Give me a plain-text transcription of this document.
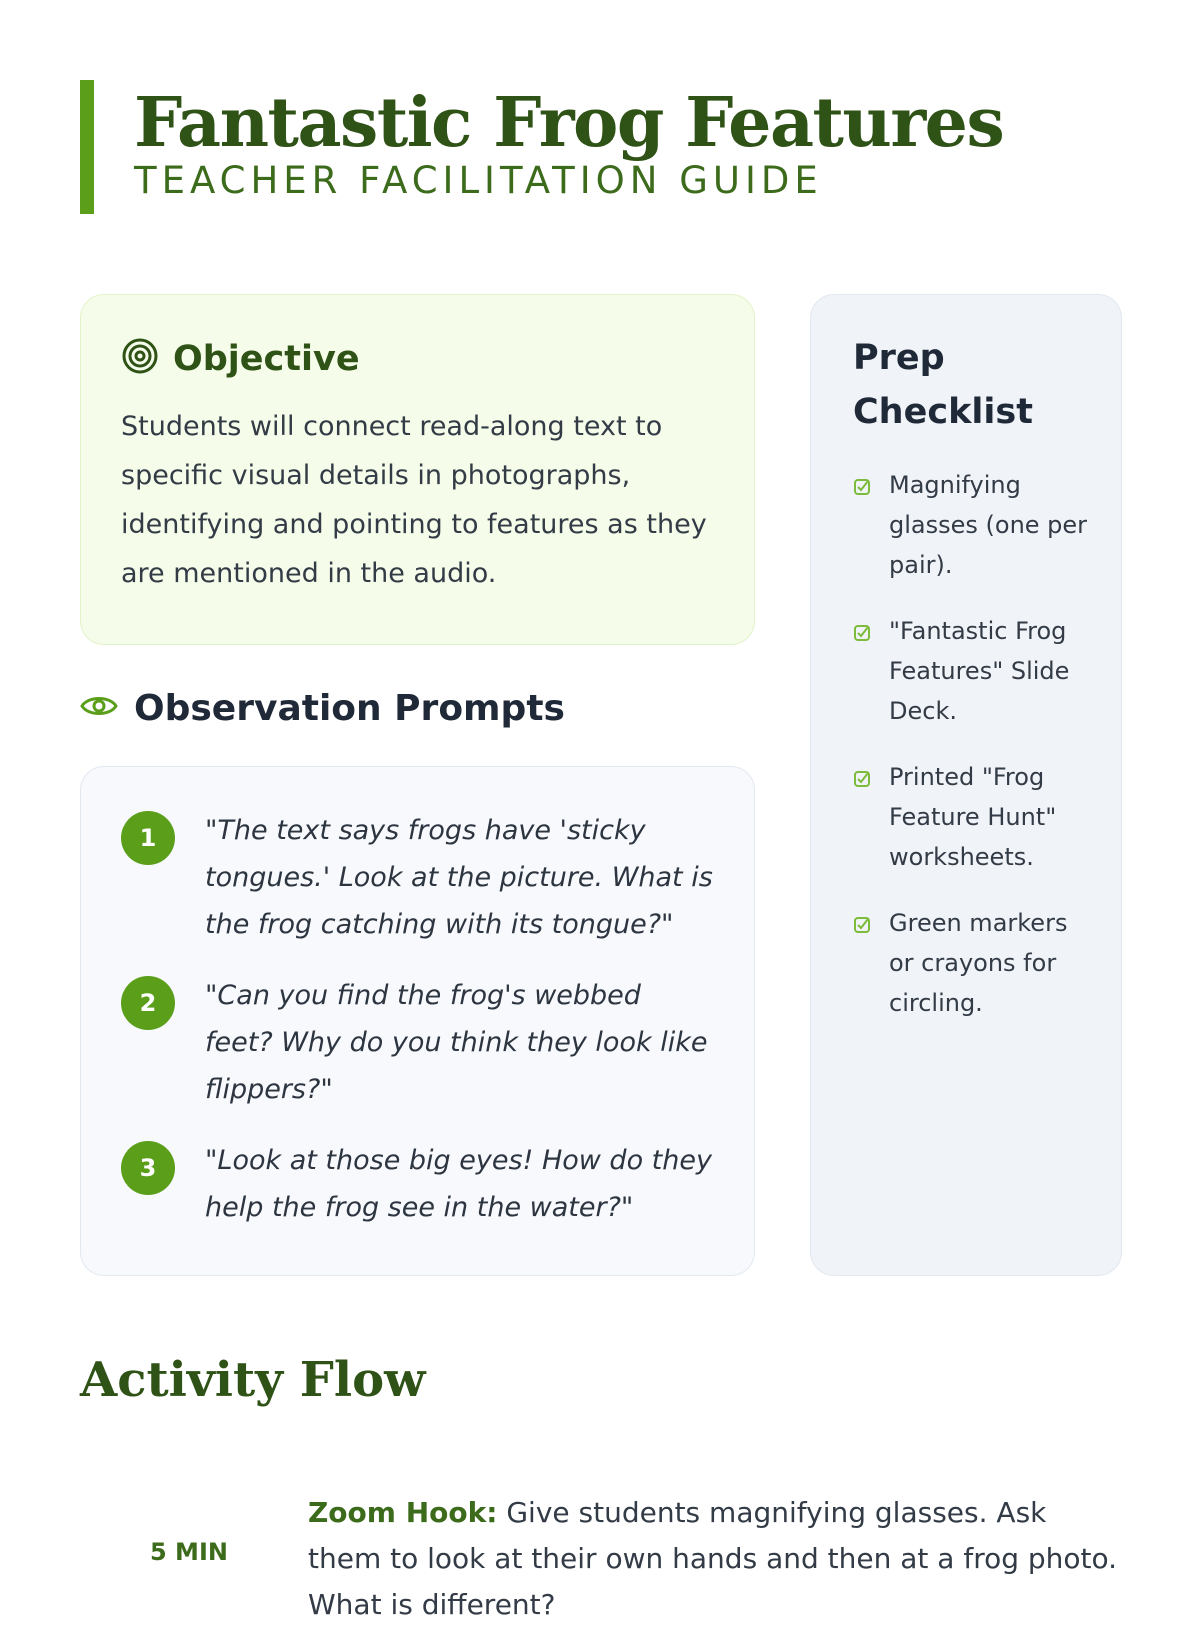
Fantastic Frog Features
TEACHER FACILITATION GUIDE
Objective

Students will connect read-along text to specific visual details in photographs, identifying and pointing to features as they are mentioned in the audio.

Observation Prompts
1	"The text says frogs have 'sticky tongues.' Look at the picture. What is the frog catching with its tongue?"
2	"Can you find the frog's webbed feet? Why do you think they look like flippers?"
3	"Look at those big eyes! How do they help the frog see in the water?"
Prep Checklist
Magnifying glasses (one per pair).
"Fantastic Frog Features" Slide Deck.
Printed "Frog Feature Hunt" worksheets.
Green markers or crayons for circling.
Activity Flow
5 MIN
Zoom Hook: Give students magnifying glasses. Ask them to look at their own hands and then at a frog photo. What is different?
